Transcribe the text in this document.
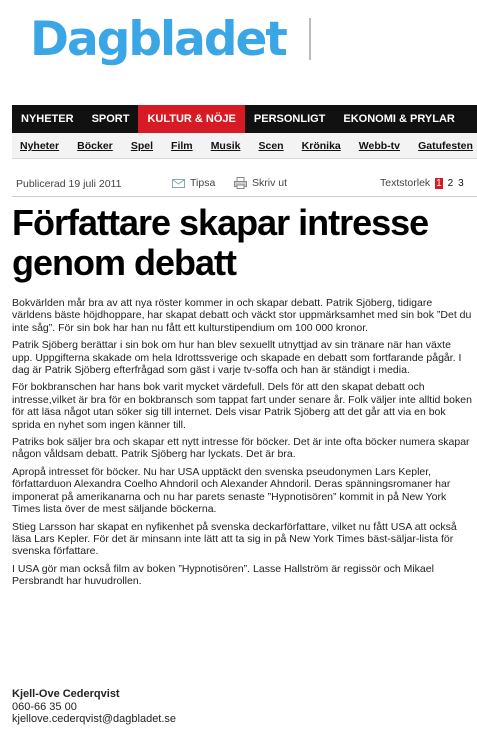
Dagbladet
NYHETER	SPORT	KULTUR & NÖJE	PERSONLIGT	EKONOMI & PRYLAR
Nyheter Böcker Spel Film Musik Scen Krönika Webb-tv Gatufesten
Publicerad 19 juli 2011	Tipsa	Skriv ut	Textstorlek 1 2 3
Författare skapar intresse genom debatt

Bokvärlden mår bra av att nya röster kommer in och skapar debatt. Patrik Sjöberg, tidigare världens bäste höjdhoppare, har skapat debatt och väckt stor uppmärksamhet med sin bok ”Det du inte såg”. För sin bok har han nu fått ett kulturstipendium om 100 000 kronor.

Patrik Sjöberg berättar i sin bok om hur han blev sexuellt utnyttjad av sin tränare när han växte upp. Uppgifterna skakade om hela Idrottssverige och skapade en debatt som fortfarande pågår. I dag är Patrik Sjöberg efterfrågad som gäst i varje tv-soffa och han är ständigt i media.

För bokbranschen har hans bok varit mycket värdefull. Dels för att den skapat debatt och intresse,vilket är bra för en bokbransch som tappat fart under senare år. Folk väljer inte alltid boken för att läsa något utan söker sig till internet. Dels visar Patrik Sjöberg att det går att via en bok sprida en nyhet som ingen känner till.

Patriks bok säljer bra och skapar ett nytt intresse för böcker. Det är inte ofta böcker numera skapar någon våldsam debatt. Patrik Sjöberg har lyckats. Det är bra.

Apropå intresset för böcker. Nu har USA upptäckt den svenska pseudonymen Lars Kepler, författarduon Alexandra Coelho Ahndoril och Alexander Ahndoril. Deras spänningsromaner har imponerat på amerikanarna och nu har parets senaste ”Hypnotisören” kommit in på New York Times lista över de mest säljande böckerna.

Stieg Larsson har skapat en nyfikenhet på svenska deckarförfattare, vilket nu fått USA att också läsa Lars Kepler. För det är minsann inte lätt att ta sig in på New York Times bäst-säljar-lista för svenska författare.

I USA gör man också film av boken ”Hypnotisören”. Lasse Hallström är regissör och Mikael Persbrandt har huvudrollen.

Kjell-Ove Cederqvist
060-66 35 00
kjellove.cederqvist@dagbladet.se
